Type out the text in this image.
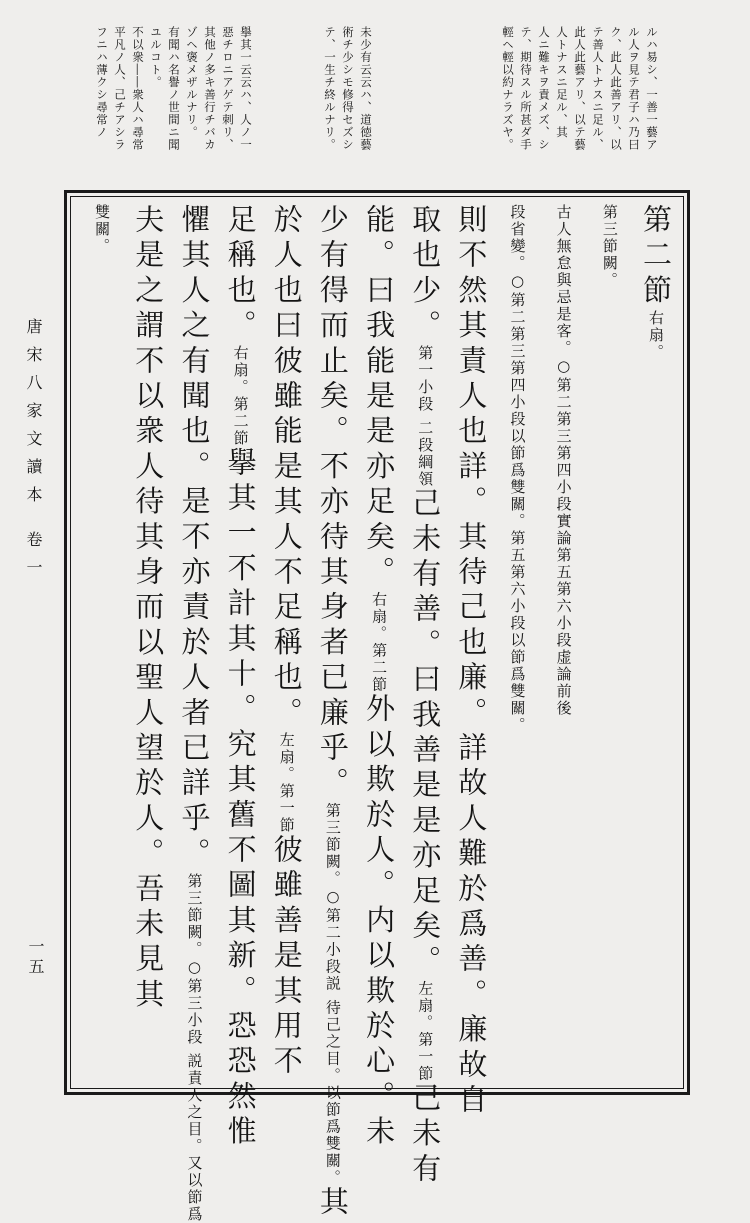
ルハ易シ、一善一藝ア
ル人ヲ見テ君子ハ乃曰
ク、此人此善アリ、以
テ善人トナスニ足ル、
此人此藝アリ、以テ藝
人トナスニ足ル、其
人ニ難キヲ責メズ、シ
テ、期待スル所甚ダ手
輕ヘ輕以約ナラズヤ。
未少有云云ハ、道徳藝
術チ少シモ修得セズシ
テ、一生チ終ルナリ。
擧其一云云ハ、人ノ一
惡チロニアゲテ刺リ、
其他ノ多キ善行チバカ
ゾヘ褒メザルナリ。
有聞ハ名譽ノ世間ニ聞
ユルコト。
不以衆――衆人ハ尋常
平凡ノ人、己チアシラ
フニハ薄クシ尋常ノ
第二節右扇。
第三節闕。
古人無怠與忌是客。○第二第三第四小段實論第五第六小段虚論前後
段省變。○第二第三第四小段以節爲雙關。第五第六小段以節爲雙關。
則不然其責人也詳。其待己也廉。詳故人難於爲善。廉故自
取也少。第一小段 二段綱領己未有善。曰我善是是亦足矣。左扇。第一節己未有
能。曰我能是是亦足矣。右扇。第二節外以欺於人。内以欺於心。未
少有得而止矣。不亦待其身者已廉乎。第三節闕。○第二小段説 待己之目。以節爲雙關。其
於人也曰彼雖能是其人不足稱也。左扇。第一節彼雖善是其用不
足稱也。右扇。第二節擧其一不計其十。究其舊不圖其新。恐恐然惟
懼其人之有聞也。是不亦責於人者已詳乎。第三節闕。○第三小段 説責人之目。又以節爲
夫是之謂不以衆人待其身而以聖人望於人。吾未見其
雙關。
唐宋八家文讀本 卷一
一五
